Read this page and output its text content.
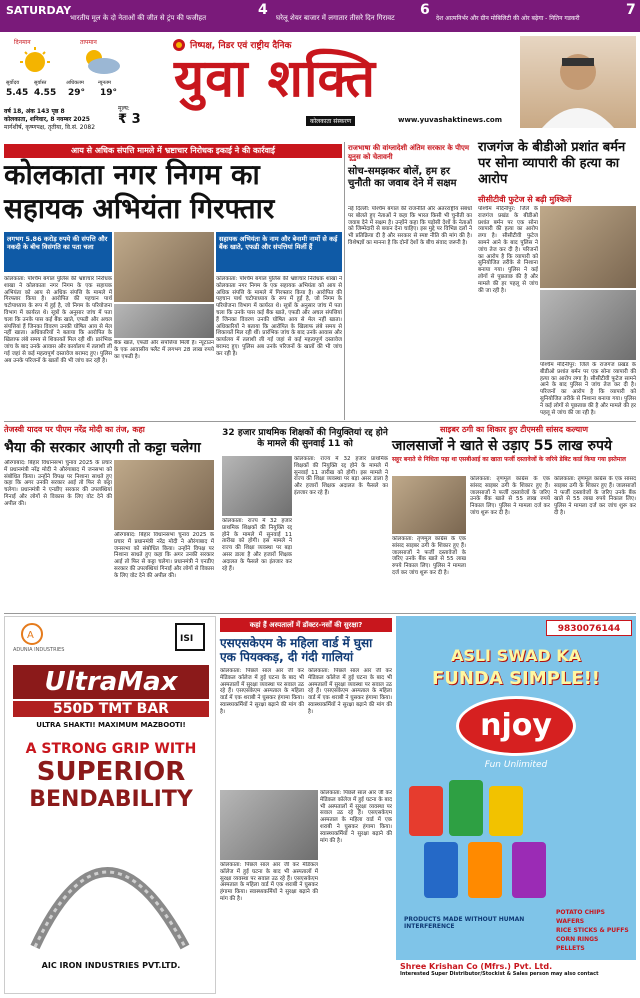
SATURDAY
भारतीय मूल के दो नेताओं की जीत से ट्रंप की फजीहत	4 घरेलू शेयर बाजार में लगातार तीसरे दिन गिरावट 6
देश आत्मनिर्भर और ग्रीन मोबिलिटी की ओर बढ़ेगा - नितिन गडकरी
7
दिनमान	तापमान
सूर्योदय
5.45
सूर्यास्त
4.55
अधिकतम
29°
न्यूनतम
19°
वर्ष 18, अंक 143 पृष्ठ 8
कोलकाता, शनिवार, 8 नवम्बर 2025
मार्गशीर्ष, कृष्णपक्ष, तृतीया, वि.सं. 2082
मूल्य:
₹ 3
निष्पक्ष, निडर एवं राष्ट्रीय दैनिक
युवा शक्ति
कोलकाता संस्करण	www.yuvashaktinews.com
आय से अधिक संपत्ति मामले में भ्रष्टाचार निरोधक इकाई ने की कार्रवाई
कोलकाता नगर निगम का
सहायक अभियंता गिरफ्तार
लगभग 5.86 करोड़ रुपये की संपत्ति और नकदी के बीच विसंगति का पता चला
सहायक अभियंता के नाम और बेनामी नामों से कई बैंक खाते, एफडी और संपत्तियां मिलीं हैं
कोलकाता: पश्चिम बंगाल पुलिस की भ्रष्टाचार निरोधक शाखा ने कोलकाता नगर निगम के एक सहायक अभियंता को आय से अधिक संपत्ति के मामले में गिरफ्तार किया है। आरोपित की पहचान पार्थ चटोपाध्याय के रूप में हुई है, जो निगम के परियोजना विभाग में कार्यरत थे। सूत्रों के अनुसार जांच में पता चला कि उनके पास कई बैंक खाते, एफडी और अचल संपत्तियां हैं जिनका विवरण उनकी घोषित आय से मेल नहीं खाता। अधिकारियों ने बताया कि आरोपित के खिलाफ लंबे समय से शिकायतें मिल रही थीं। प्रारंभिक जांच के बाद उनके आवास और कार्यालय में तलाशी ली गई जहां से कई महत्वपूर्ण दस्तावेज बरामद हुए। पुलिस अब उनके परिजनों के खातों की भी जांच कर रही है।
बैंक खाते, एफडी और संपत्तियां मिलीं हैं। न्यूटाउन के एक आवासीय फ्लैट में लगभग 28 लाख रुपये का एफडी है।
कोलकाता: पश्चिम बंगाल पुलिस की भ्रष्टाचार निरोधक शाखा ने कोलकाता नगर निगम के एक सहायक अभियंता को आय से अधिक संपत्ति के मामले में गिरफ्तार किया है। आरोपित की पहचान पार्थ चटोपाध्याय के रूप में हुई है, जो निगम के परियोजना विभाग में कार्यरत थे। सूत्रों के अनुसार जांच में पता चला कि उनके पास कई बैंक खाते, एफडी और अचल संपत्तियां हैं जिनका विवरण उनकी घोषित आय से मेल नहीं खाता। अधिकारियों ने बताया कि आरोपित के खिलाफ लंबे समय से शिकायतें मिल रही थीं। प्रारंभिक जांच के बाद उनके आवास और कार्यालय में तलाशी ली गई जहां से कई महत्वपूर्ण दस्तावेज बरामद हुए। पुलिस अब उनके परिजनों के खातों की भी जांच कर रही है।
राजभाषा की वांग्लादेशी अंतिम सरकार के पीएम यूनुस को चेतावनी
सोच-समझकर बोलें, हम हर चुनौती का जवाब देने में सक्षम
नई दिल्ली: पश्चिम बंगाल की राजनीति और अंतरराष्ट्रीय संबंधों पर बोलते हुए नेताओं ने कहा कि भारत किसी भी चुनौती का जवाब देने में सक्षम है। उन्होंने कहा कि पड़ोसी देशों के नेताओं को जिम्मेदारी से बयान देना चाहिए। इस मुद्दे पर विभिन्न दलों ने भी प्रतिक्रिया दी है और सरकार से स्पष्ट नीति की मांग की है। विशेषज्ञों का मानना है कि दोनों देशों के बीच संवाद जरूरी है।
राजगंज के बीडीओ प्रशांत बर्मन पर सोना व्यापारी की हत्या का आरोप
सीसीटीवी फुटेज से बढ़ी मुश्किलें
पश्चिम मेदिनीपुर: जिले के राजगंज प्रखंड के बीडीओ प्रशांत बर्मन पर एक सोना व्यापारी की हत्या का आरोप लगा है। सीसीटीवी फुटेज सामने आने के बाद पुलिस ने जांच तेज कर दी है। परिजनों का आरोप है कि व्यापारी को सुनियोजित तरीके से निशाना बनाया गया। पुलिस ने कई लोगों से पूछताछ की है और मामले की हर पहलू से जांच की जा रही है।
पश्चिम मेदिनीपुर: जिले के राजगंज प्रखंड के बीडीओ प्रशांत बर्मन पर एक सोना व्यापारी की हत्या का आरोप लगा है। सीसीटीवी फुटेज सामने आने के बाद पुलिस ने जांच तेज कर दी है। परिजनों का आरोप है कि व्यापारी को सुनियोजित तरीके से निशाना बनाया गया। पुलिस ने कई लोगों से पूछताछ की है और मामले की हर पहलू से जांच की जा रही है।
तेजस्वी यादव पर पीएम नरेंद्र मोदी का तंज, कहा
भैया की सरकार आएगी तो कट्टा चलेगा
औरंगाबाद: बिहार विधानसभा चुनाव 2025 के प्रचार में प्रधानमंत्री नरेंद्र मोदी ने औरंगाबाद में जनसभा को संबोधित किया। उन्होंने विपक्ष पर निशाना साधते हुए कहा कि अगर उनकी सरकार आई तो फिर से कट्टा चलेगा। प्रधानमंत्री ने एनडीए सरकार की उपलब्धियां गिनाईं और लोगों से विकास के लिए वोट देने की अपील की।
औरंगाबाद: बिहार विधानसभा चुनाव 2025 के प्रचार में प्रधानमंत्री नरेंद्र मोदी ने औरंगाबाद में जनसभा को संबोधित किया। उन्होंने विपक्ष पर निशाना साधते हुए कहा कि अगर उनकी सरकार आई तो फिर से कट्टा चलेगा। प्रधानमंत्री ने एनडीए सरकार की उपलब्धियां गिनाईं और लोगों से विकास के लिए वोट देने की अपील की।
32 हजार प्राथमिक शिक्षकों की नियुक्तियां रद्द होने के मामले की सुनवाई 11 को
कोलकाता: राज्य में 32 हजार प्राथमिक शिक्षकों की नियुक्ति रद्द होने के मामले में सुनवाई 11 तारीख को होगी। इस मामले ने राज्य की शिक्षा व्यवस्था पर बड़ा असर डाला है और हजारों शिक्षक अदालत के फैसले का इंतजार कर रहे हैं।
कोलकाता: राज्य में 32 हजार प्राथमिक शिक्षकों की नियुक्ति रद्द होने के मामले में सुनवाई 11 तारीख को होगी। इस मामले ने राज्य की शिक्षा व्यवस्था पर बड़ा असर डाला है और हजारों शिक्षक अदालत के फैसले का इंतजार कर रहे हैं।
साइबर ठगी का शिकार हुए टीएमसी सांसद कल्याण
जालसाजों ने खाते से उड़ाए 55 लाख रुपये
सहूर बनाते से निधिता पढ़ा था एसबीआई का खाता फर्जी दस्तावेजों के जरिये डेबिट कार्ड किया गया इस्तेमाल
कोलकाता: तृणमूल कांग्रेस के एक सांसद साइबर ठगी के शिकार हुए हैं। जालसाजों ने फर्जी दस्तावेजों के जरिए उनके बैंक खाते से 55 लाख रुपये निकाल लिए। पुलिस ने मामला दर्ज कर जांच शुरू कर दी है।
कोलकाता: तृणमूल कांग्रेस के एक सांसद साइबर ठगी के शिकार हुए हैं। जालसाजों ने फर्जी दस्तावेजों के जरिए उनके बैंक खाते से 55 लाख रुपये निकाल लिए। पुलिस ने मामला दर्ज कर जांच शुरू कर दी है।
कोलकाता: तृणमूल कांग्रेस के एक सांसद साइबर ठगी के शिकार हुए हैं। जालसाजों ने फर्जी दस्तावेजों के जरिए उनके बैंक खाते से 55 लाख रुपये निकाल लिए। पुलिस ने मामला दर्ज कर जांच शुरू कर दी है।
ADUNIA INDUSTRIES
A	ISI
UltraMax
550D TMT BAR
ULTRA SHAKTI! MAXIMUM MAZBOOTI!
A STRONG GRIP WITH
SUPERIOR
BENDABILITY
AIC IRON INDUSTRIES PVT.LTD.
कहां हैं अस्पतालों में डॉक्टर-नर्सों की सुरक्षा?
एसएसकेएम के महिला वार्ड में घुसा एक पियक्कड़, दी गंदी गालियां
कोलकाता: पिछले साल आर जी कर मेडिकल कॉलेज में हुई घटना के बाद भी अस्पतालों में सुरक्षा व्यवस्था पर सवाल उठ रहे हैं। एसएसकेएम अस्पताल के महिला वार्ड में एक शराबी ने घुसकर हंगामा किया। स्वास्थ्यकर्मियों ने सुरक्षा बढ़ाने की मांग की है।
कोलकाता: पिछले साल आर जी कर मेडिकल कॉलेज में हुई घटना के बाद भी अस्पतालों में सुरक्षा व्यवस्था पर सवाल उठ रहे हैं। एसएसकेएम अस्पताल के महिला वार्ड में एक शराबी ने घुसकर हंगामा किया। स्वास्थ्यकर्मियों ने सुरक्षा बढ़ाने की मांग की है।
कोलकाता: पिछले साल आर जी कर मेडिकल कॉलेज में हुई घटना के बाद भी अस्पतालों में सुरक्षा व्यवस्था पर सवाल उठ रहे हैं। एसएसकेएम अस्पताल के महिला वार्ड में एक शराबी ने घुसकर हंगामा किया। स्वास्थ्यकर्मियों ने सुरक्षा बढ़ाने की मांग की है।
कोलकाता: पिछले साल आर जी कर मेडिकल कॉलेज में हुई घटना के बाद भी अस्पतालों में सुरक्षा व्यवस्था पर सवाल उठ रहे हैं। एसएसकेएम अस्पताल के महिला वार्ड में एक शराबी ने घुसकर हंगामा किया। स्वास्थ्यकर्मियों ने सुरक्षा बढ़ाने की मांग की है।
9830076144
ASLI SWAD KA
FUNDA SIMPLE!!
njoy
Fun Unlimited
POTATO CHIPS
WAFERS
RICE STICKS & PUFFS
CORN RINGS
PELLETS
PRODUCTS MADE WITHOUT HUMAN INTERFERENCE
Shree Krishan Co (Mfrs.) Pvt. Ltd.
Interested Super Distributor/Stockist & Sales person may also contact
